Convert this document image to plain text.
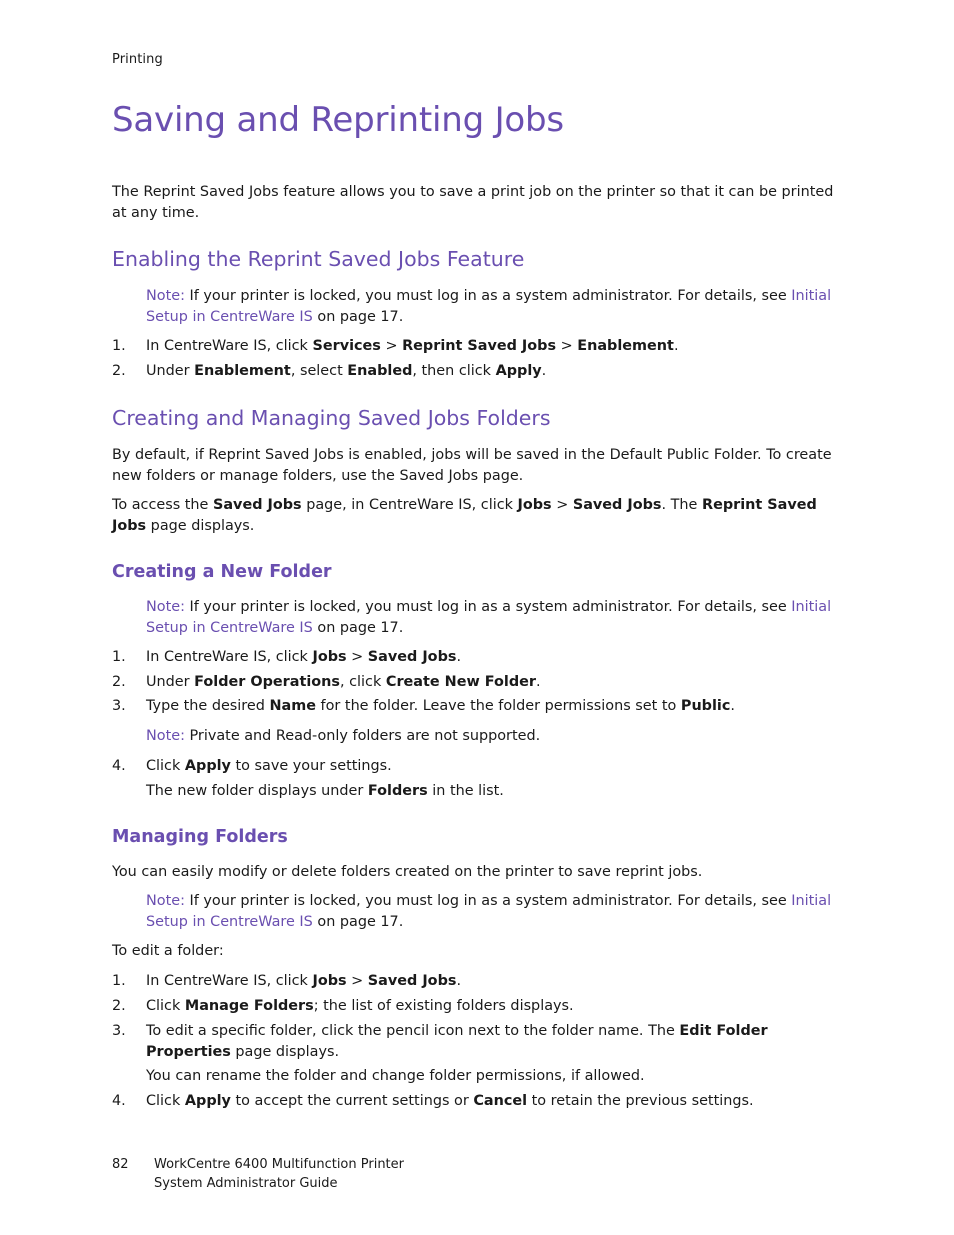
Printing
Saving and Reprinting Jobs

The Reprint Saved Jobs feature allows you to save a print job on the printer so that it can be printed at any time.

Enabling the Reprint Saved Jobs Feature

Note: If your printer is locked, you must log in as a system administrator. For details, see Initial Setup in CentreWare IS on page 17.

1. In CentreWare IS, click Services > Reprint Saved Jobs > Enablement.
2. Under Enablement, select Enabled, then click Apply.
Creating and Managing Saved Jobs Folders

By default, if Reprint Saved Jobs is enabled, jobs will be saved in the Default Public Folder. To create new folders or manage folders, use the Saved Jobs page.

To access the Saved Jobs page, in CentreWare IS, click Jobs > Saved Jobs. The Reprint Saved Jobs page displays.

Creating a New Folder

Note: If your printer is locked, you must log in as a system administrator. For details, see Initial Setup in CentreWare IS on page 17.

1. In CentreWare IS, click Jobs > Saved Jobs.
2. Under Folder Operations, click Create New Folder.
3. Type the desired Name for the folder. Leave the folder permissions set to Public.

Note: Private and Read-only folders are not supported.

4. Click Apply to save your settings.

The new folder displays under Folders in the list.

Managing Folders

You can easily modify or delete folders created on the printer to save reprint jobs.

Note: If your printer is locked, you must log in as a system administrator. For details, see Initial Setup in CentreWare IS on page 17.

To edit a folder:

1. In CentreWare IS, click Jobs > Saved Jobs.
2. Click Manage Folders; the list of existing folders displays.
3. To edit a specific folder, click the pencil icon next to the folder name. The Edit Folder Properties page displays.

You can rename the folder and change folder permissions, if allowed.

4. Click Apply to accept the current settings or Cancel to retain the previous settings.
82 WorkCentre 6400 Multifunction Printer
System Administrator Guide
